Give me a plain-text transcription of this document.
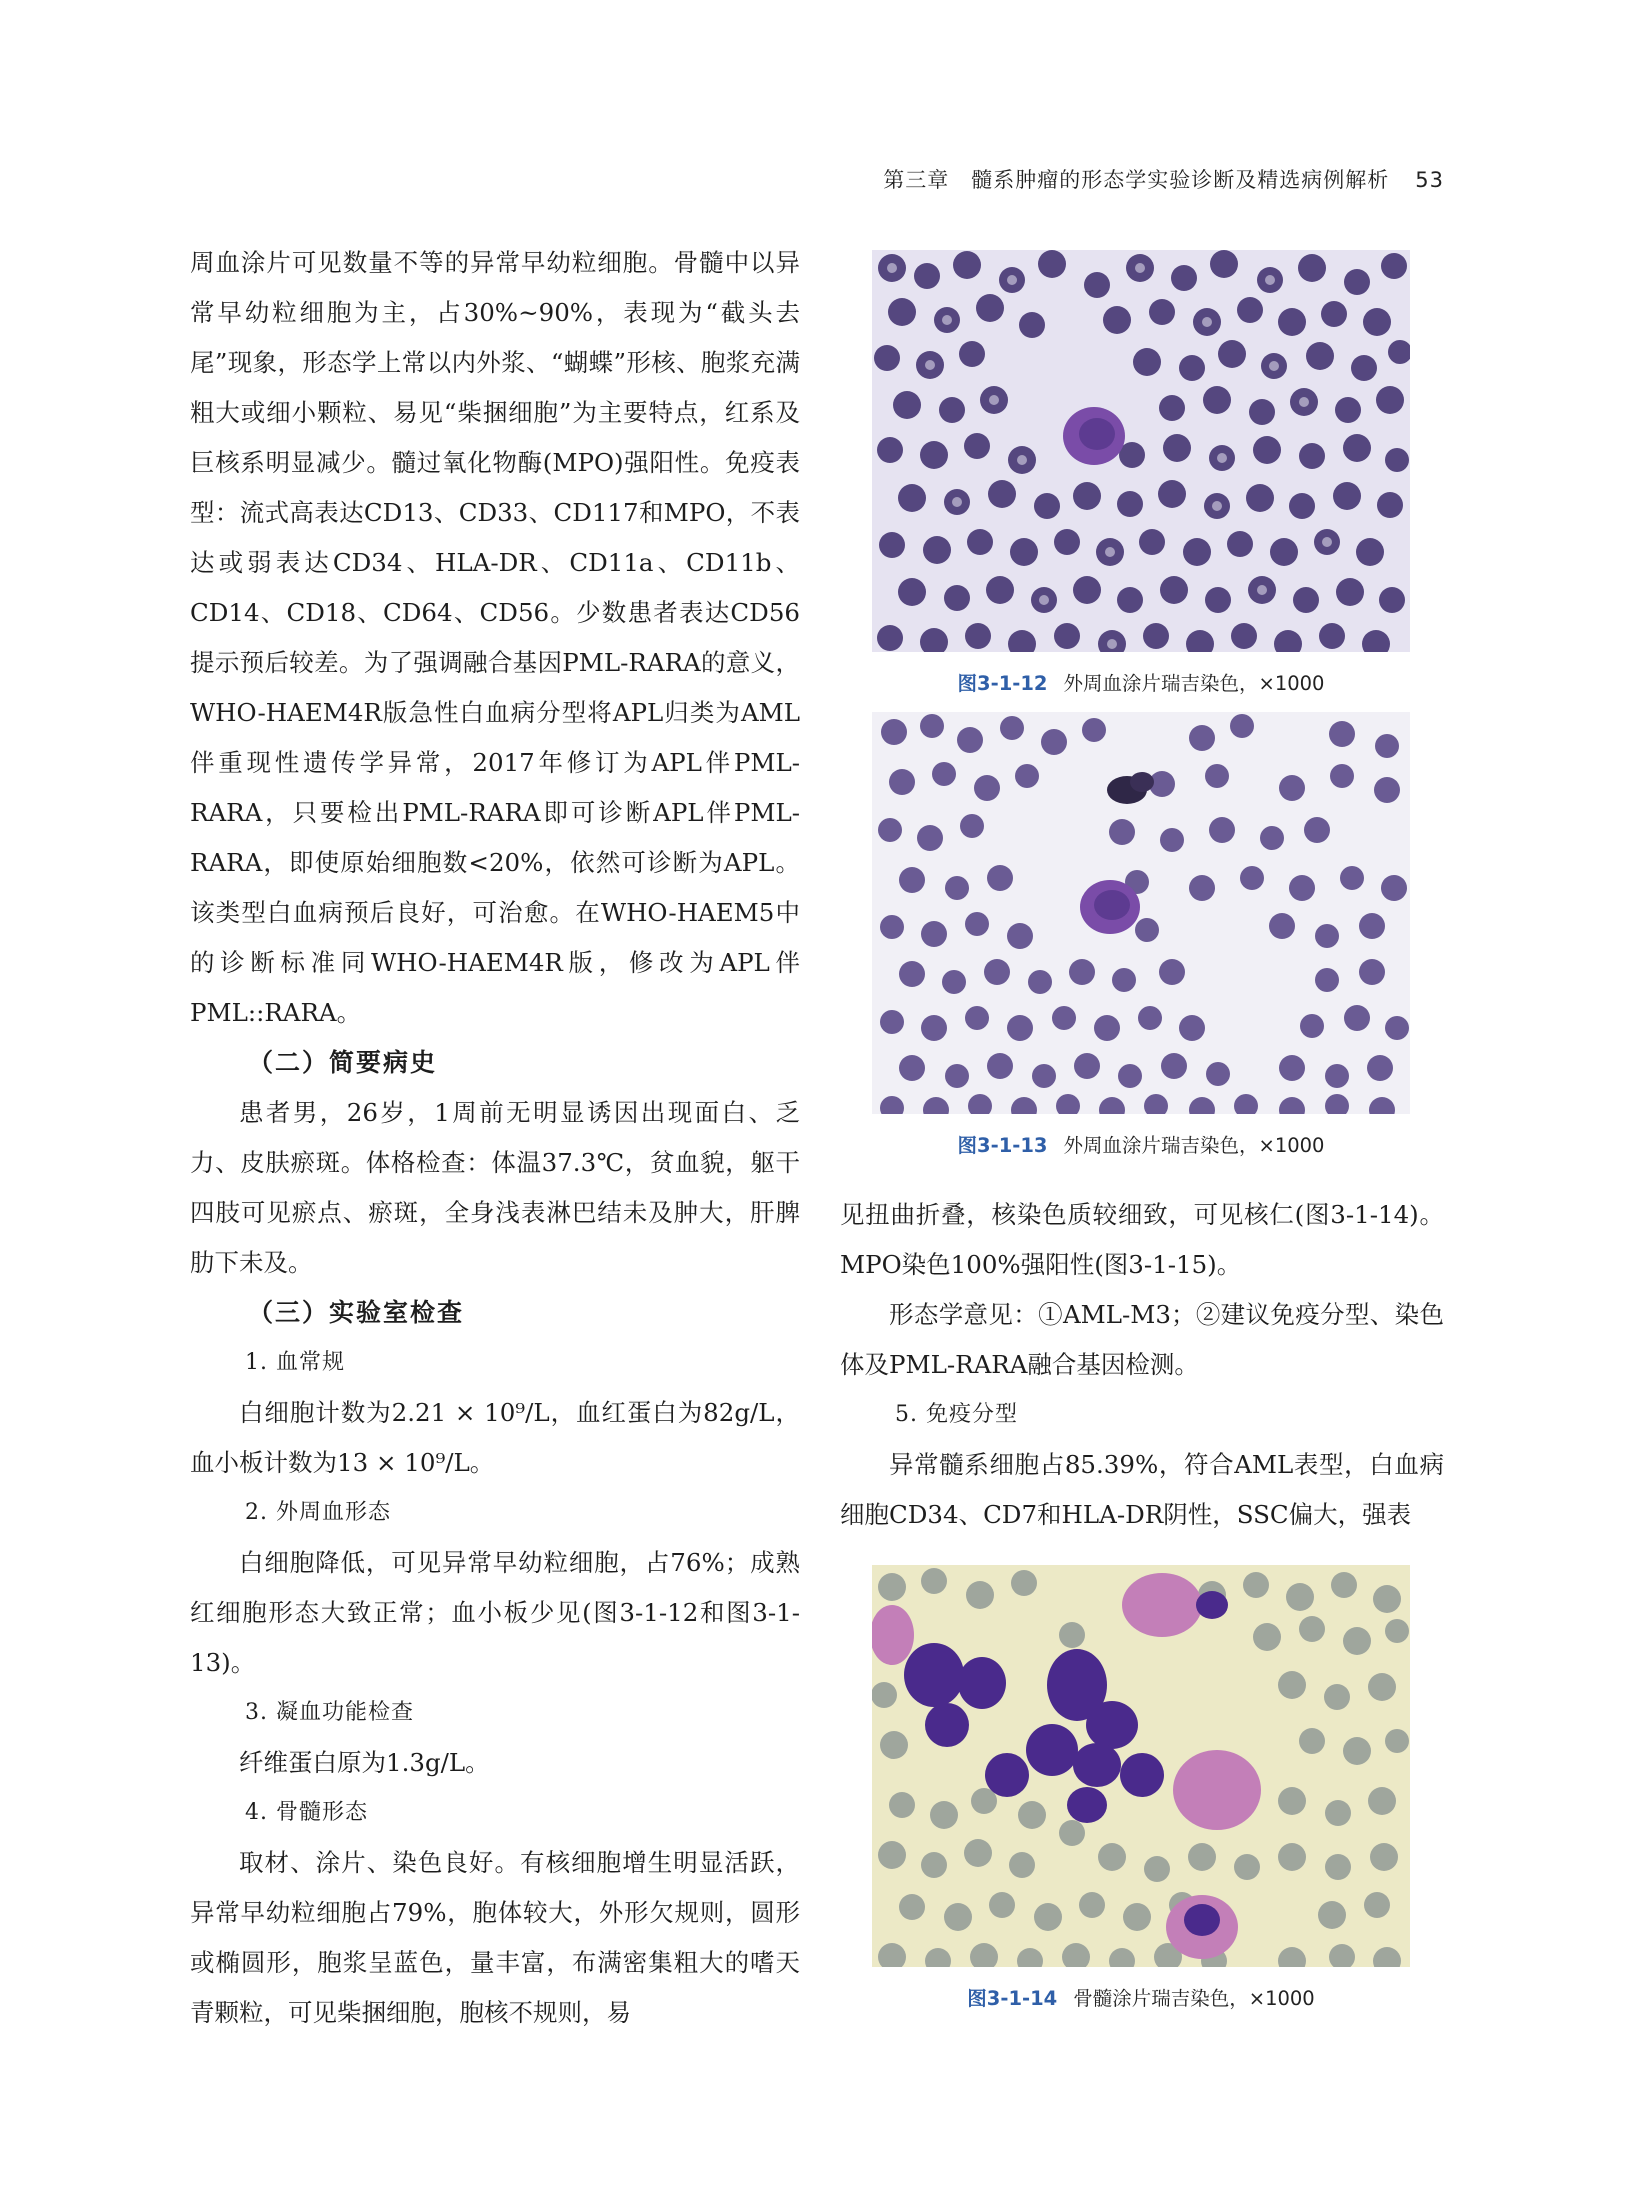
第三章　髓系肿瘤的形态学实验诊断及精选病例解析 53

周血涂片可见数量不等的异常早幼粒细胞。骨髓中以异常早幼粒细胞为主，占30%~90%，表现为“截头去尾”现象，形态学上常以内外浆、“蝴蝶”形核、胞浆充满粗大或细小颗粒、易见“柴捆细胞”为主要特点，红系及巨核系明显减少。髓过氧化物酶(MPO)强阳性。免疫表型：流式高表达CD13、CD33、CD117和MPO，不表达或弱表达CD34、HLA-DR、CD11a、CD11b、CD14、CD18、CD64、CD56。少数患者表达CD56提示预后较差。为了强调融合基因PML-RARA的意义，WHO-HAEM4R版急性白血病分型将APL归类为AML伴重现性遗传学异常，2017年修订为APL伴PML-RARA，只要检出PML-RARA即可诊断APL伴PML-RARA，即使原始细胞数<20%，依然可诊断为APL。该类型白血病预后良好，可治愈。在WHO-HAEM5中的诊断标准同WHO-HAEM4R版，修改为APL伴PML::RARA。

（二）简要病史

患者男，26岁，1周前无明显诱因出现面白、乏力、皮肤瘀斑。体格检查：体温37.3℃，贫血貌，躯干四肢可见瘀点、瘀斑，全身浅表淋巴结未及肿大，肝脾肋下未及。

（三）实验室检查
1. 血常规

白细胞计数为2.21 × 10⁹/L，血红蛋白为82g/L，血小板计数为13 × 10⁹/L。

2. 外周血形态

白细胞降低，可见异常早幼粒细胞，占76%；成熟红细胞形态大致正常；血小板少见(图3-1-12和图3-1-13)。

3. 凝血功能检查

纤维蛋白原为1.3g/L。

4. 骨髓形态

取材、涂片、染色良好。有核细胞增生明显活跃，异常早幼粒细胞占79%，胞体较大，外形欠规则，圆形或椭圆形，胞浆呈蓝色，量丰富，布满密集粗大的嗜天青颗粒，可见柴捆细胞，胞核不规则，易

图3-1-12 外周血涂片瑞吉染色，×1000
图3-1-13 外周血涂片瑞吉染色，×1000

见扭曲折叠，核染色质较细致，可见核仁(图3-1-14)。MPO染色100%强阳性(图3-1-15)。

形态学意见：①AML-M3；②建议免疫分型、染色体及PML-RARA融合基因检测。

5. 免疫分型

异常髓系细胞占85.39%，符合AML表型，白血病细胞CD34、CD7和HLA-DR阴性，SSC偏大，强表

图3-1-14 骨髓涂片瑞吉染色，×1000
